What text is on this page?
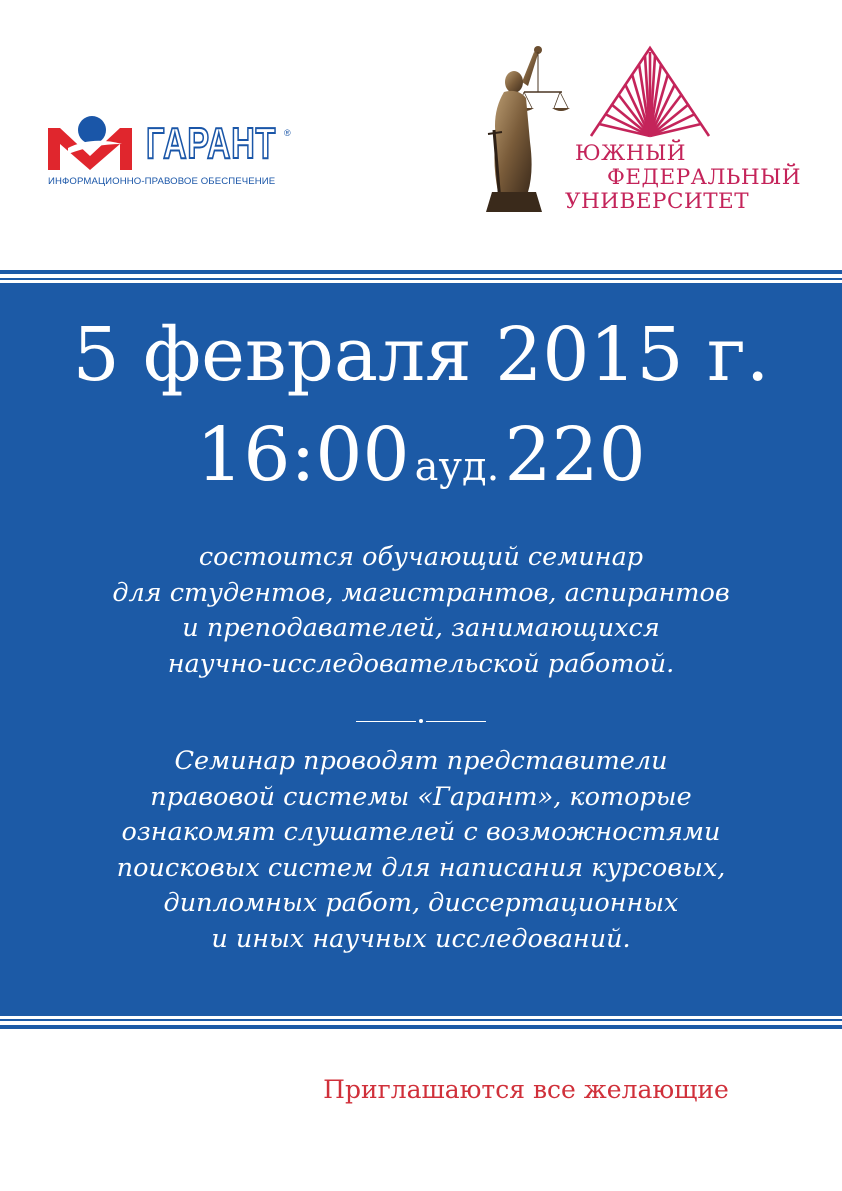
ГАРАНТ ®
ИНФОРМАЦИОННО-ПРАВОВОЕ ОБЕСПЕЧЕНИЕ
ЮЖНЫЙ
ФЕДЕРАЛЬНЫЙ
УНИВЕРСИТЕТ
5 февраля 2015 г.
16:00 ауд. 220
состоится обучающий семинар
для студентов, магистрантов, аспирантов
и преподавателей, занимающихся
научно-исследовательской работой.
Семинар проводят представители
правовой системы «Гарант», которые
ознакомят слушателей с возможностями
поисковых систем для написания курсовых,
дипломных работ, диссертационных
и иных научных исследований.
Приглашаются все желающие
